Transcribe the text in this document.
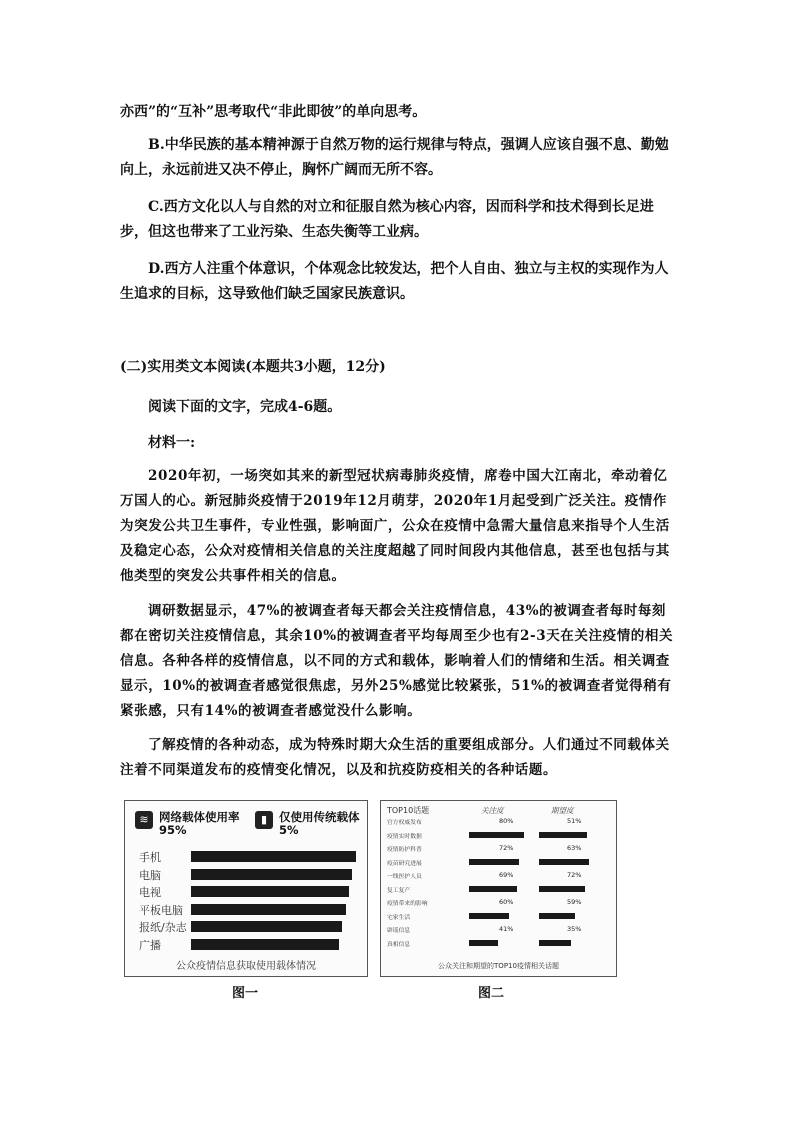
亦西”的“互补”思考取代“非此即彼”的单向思考。

B.中华民族的基本精神源于自然万物的运行规律与特点，强调人应该自强不息、勤勉向上，永远前进又决不停止，胸怀广阔而无所不容。

C.西方文化以人与自然的对立和征服自然为核心内容，因而科学和技术得到长足进步，但这也带来了工业污染、生态失衡等工业病。

D.西方人注重个体意识，个体观念比较发达，把个人自由、独立与主权的实现作为人生追求的目标，这导致他们缺乏国家民族意识。

(二)实用类文本阅读(本题共3小题，12分)

阅读下面的文字，完成4-6题。

材料一:

2020年初，一场突如其来的新型冠状病毒肺炎疫情，席卷中国大江南北，牵动着亿万国人的心。新冠肺炎疫情于2019年12月萌芽，2020年1月起受到广泛关注。疫情作为突发公共卫生事件，专业性强，影响面广，公众在疫情中急需大量信息来指导个人生活及稳定心态，公众对疫情相关信息的关注度超越了同时间段内其他信息，甚至也包括与其他类型的突发公共事件相关的信息。

调研数据显示，47%的被调查者每天都会关注疫情信息，43%的被调查者每时每刻都在密切关注疫情信息，其余10%的被调查者平均每周至少也有2-3天在关注疫情的相关信息。各种各样的疫情信息，以不同的方式和载体，影响着人们的情绪和生活。相关调查显示，10%的被调查者感觉很焦虑，另外25%感觉比较紧张，51%的被调查者觉得稍有紧张感，只有14%的被调查者感觉没什么影响。

了解疫情的各种动态，成为特殊时期大众生活的重要组成部分。人们通过不同载体关注着不同渠道发布的疫情变化情况，以及和抗疫防疫相关的各种话题。

≋ 网络载体使用率
95%
▮	仅使用传统载体
5%
手机
电脑
电视
平板电脑
报纸/杂志
广播
公众疫情信息获取使用载体情况
图一
TOP10话题	关注度	期望度
官方权威发布	80%	51%
疫情实时数据
疫情防护科普	72%	63%
疫苗研究进展
一线医护人员	69%	72%
复工复产
疫情带来的影响	60%	59%
宅家生活
辟谣信息	41%	35%
真相信息
公众关注和期望的TOP10疫情相关话题
图二
